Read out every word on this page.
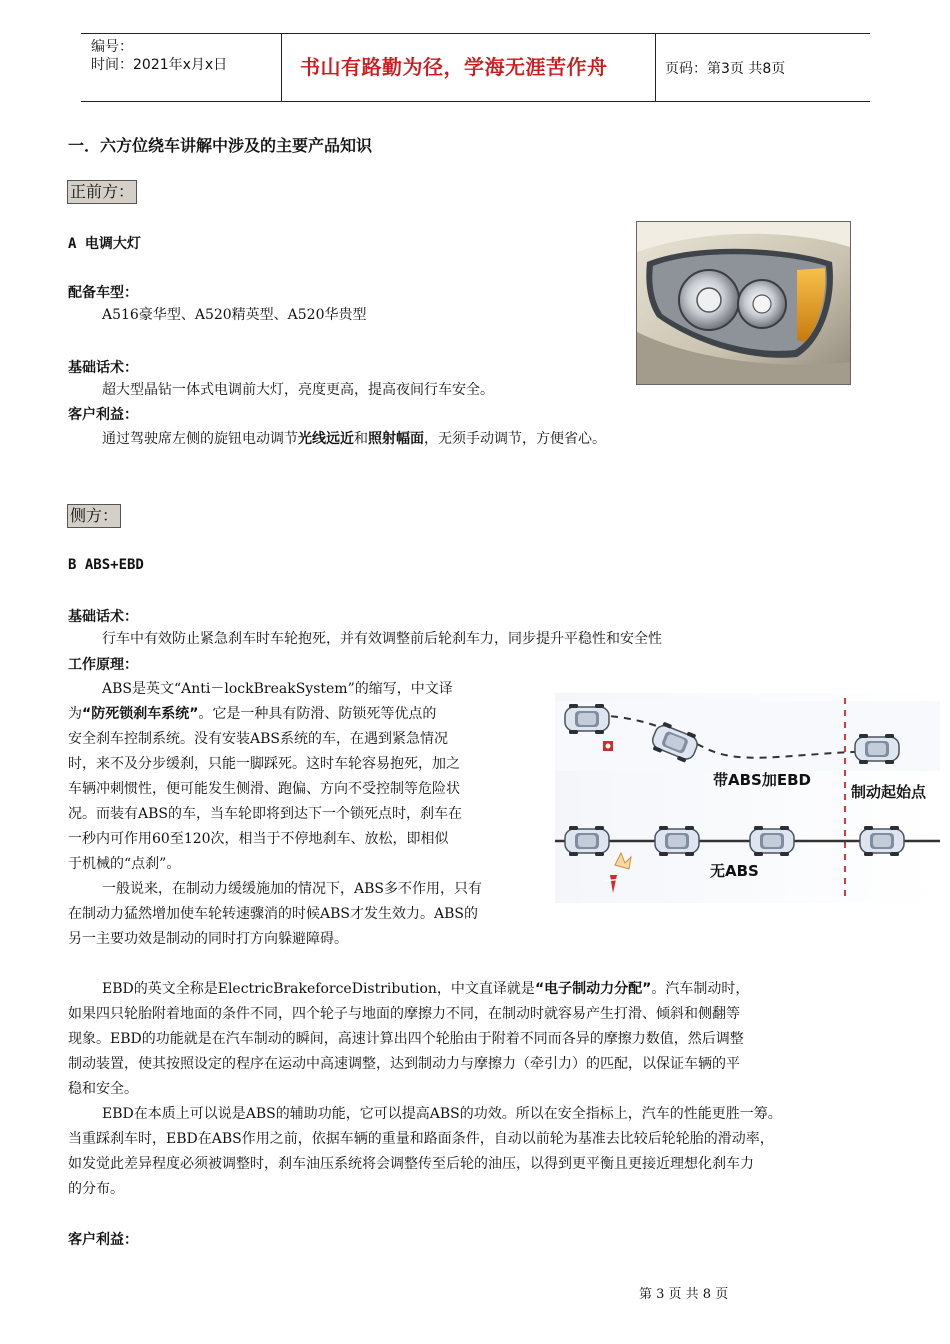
编号：
时间：2021年x月x日	书山有路勤为径，学海无涯苦作舟	页码：第3页 共8页
一．六方位绕车讲解中涉及的主要产品知识
正前方：
A 电调大灯
配备车型：
A516豪华型、A520精英型、A520华贵型
基础话术：
超大型晶钻一体式电调前大灯，亮度更高，提高夜间行车安全。
客户利益：
通过驾驶席左侧的旋钮电动调节光线远近和照射幅面，无须手动调节，方便省心。
侧方：
B ABS+EBD
基础话术：
行车中有效防止紧急刹车时车轮抱死，并有效调整前后轮刹车力，同步提升平稳性和安全性
工作原理：
ABS是英文“Anti－lockBreakSystem”的缩写，中文译
为“防死锁刹车系统”。它是一种具有防滑、防锁死等优点的
安全刹车控制系统。没有安装ABS系统的车，在遇到紧急情况
时，来不及分步缓刹，只能一脚踩死。这时车轮容易抱死，加之
车辆冲刺惯性，便可能发生侧滑、跑偏、方向不受控制等危险状
况。而装有ABS的车，当车轮即将到达下一个锁死点时，刹车在
一秒内可作用60至120次，相当于不停地刹车、放松，即相似
于机械的“点刹”。
一般说来，在制动力缓缓施加的情况下，ABS多不作用，只有
在制动力猛然增加使车轮转速骤消的时候ABS才发生效力。ABS的
另一主要功效是制动的同时打方向躲避障碍。
带ABS加EBD
制动起始点
无ABS
EBD的英文全称是ElectricBrakeforceDistribution，中文直译就是“电子制动力分配”。汽车制动时，
如果四只轮胎附着地面的条件不同，四个轮子与地面的摩擦力不同，在制动时就容易产生打滑、倾斜和侧翻等
现象。EBD的功能就是在汽车制动的瞬间，高速计算出四个轮胎由于附着不同而各异的摩擦力数值，然后调整
制动装置，使其按照设定的程序在运动中高速调整，达到制动力与摩擦力（牵引力）的匹配，以保证车辆的平
稳和安全。
EBD在本质上可以说是ABS的辅助功能，它可以提高ABS的功效。所以在安全指标上，汽车的性能更胜一筹。
当重踩刹车时，EBD在ABS作用之前，依据车辆的重量和路面条件，自动以前轮为基准去比较后轮轮胎的滑动率，
如发觉此差异程度必须被调整时，刹车油压系统将会调整传至后轮的油压，以得到更平衡且更接近理想化刹车力
的分布。
客户利益：
第 3 页 共 8 页
